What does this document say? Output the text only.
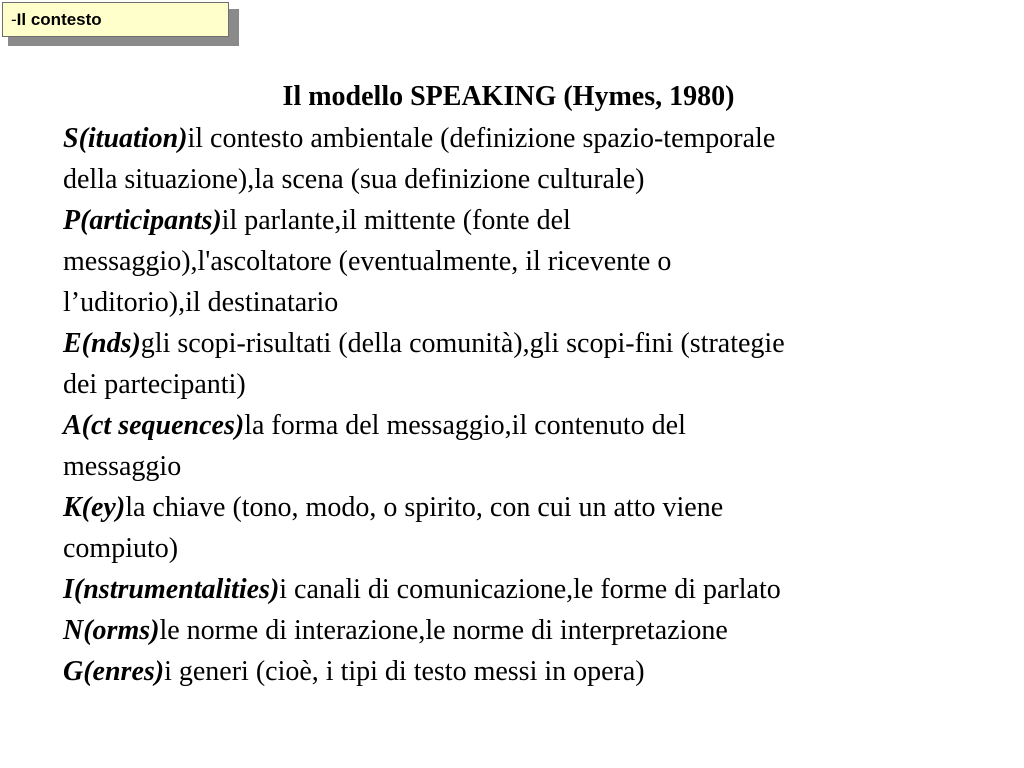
-Il contesto
Il modello SPEAKING (Hymes, 1980)
S(ituation)il contesto ambientale (definizione spazio-temporale
della situazione),la scena (sua definizione culturale)
P(articipants)il parlante,il mittente (fonte del
messaggio),l'ascoltatore (eventualmente, il ricevente o
l’uditorio),il destinatario
E(nds)gli scopi-risultati (della comunità),gli scopi-fini (strategie
dei partecipanti)
A(ct sequences)la forma del messaggio,il contenuto del
messaggio
K(ey)la chiave (tono, modo, o spirito, con cui un atto viene
compiuto)
I(nstrumentalities)i canali di comunicazione,le forme di parlato
N(orms)le norme di interazione,le norme di interpretazione
G(enres)i generi (cioè, i tipi di testo messi in opera)
